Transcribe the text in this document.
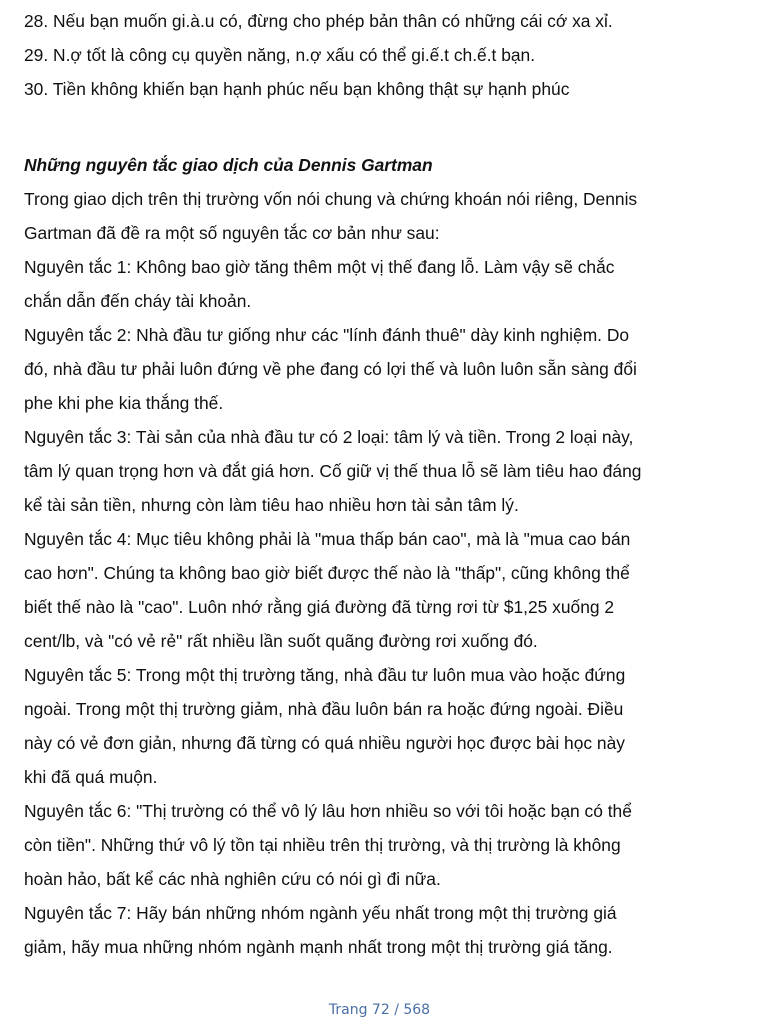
28. Nếu bạn muốn gi.à.u có, đừng cho phép bản thân có những cái cớ xa xỉ.

29. N.ợ tốt là công cụ quyền năng, n.ợ xấu có thể gi.ế.t ch.ế.t bạn.

30. Tiền không khiến bạn hạnh phúc nếu bạn không thật sự hạnh phúc

Những nguyên tắc giao dịch của Dennis Gartman

Trong giao dịch trên thị trường vốn nói chung và chứng khoán nói riêng, Dennis

Gartman đã đề ra một số nguyên tắc cơ bản như sau:

Nguyên tắc 1: Không bao giờ tăng thêm một vị thế đang lỗ. Làm vậy sẽ chắc

chắn dẫn đến cháy tài khoản.

Nguyên tắc 2: Nhà đầu tư giống như các "lính đánh thuê" dày kinh nghiệm. Do

đó, nhà đầu tư phải luôn đứng về phe đang có lợi thế và luôn luôn sẵn sàng đổi

phe khi phe kia thắng thế.

Nguyên tắc 3: Tài sản của nhà đầu tư có 2 loại: tâm lý và tiền. Trong 2 loại này,

tâm lý quan trọng hơn và đắt giá hơn. Cố giữ vị thế thua lỗ sẽ làm tiêu hao đáng

kể tài sản tiền, nhưng còn làm tiêu hao nhiều hơn tài sản tâm lý.

Nguyên tắc 4: Mục tiêu không phải là "mua thấp bán cao", mà là "mua cao bán

cao hơn". Chúng ta không bao giờ biết được thế nào là "thấp", cũng không thể

biết thế nào là "cao". Luôn nhớ rằng giá đường đã từng rơi từ $1,25 xuống 2

cent/lb, và "có vẻ rẻ" rất nhiều lần suốt quãng đường rơi xuống đó.

Nguyên tắc 5: Trong một thị trường tăng, nhà đầu tư luôn mua vào hoặc đứng

ngoài. Trong một thị trường giảm, nhà đầu luôn bán ra hoặc đứng ngoài. Điều

này có vẻ đơn giản, nhưng đã từng có quá nhiều người học được bài học này

khi đã quá muộn.

Nguyên tắc 6: "Thị trường có thể vô lý lâu hơn nhiều so với tôi hoặc bạn có thể

còn tiền". Những thứ vô lý tồn tại nhiều trên thị trường, và thị trường là không

hoàn hảo, bất kể các nhà nghiên cứu có nói gì đi nữa.

Nguyên tắc 7: Hãy bán những nhóm ngành yếu nhất trong một thị trường giá

giảm, hãy mua những nhóm ngành mạnh nhất trong một thị trường giá tăng.

Trang 72 / 568
